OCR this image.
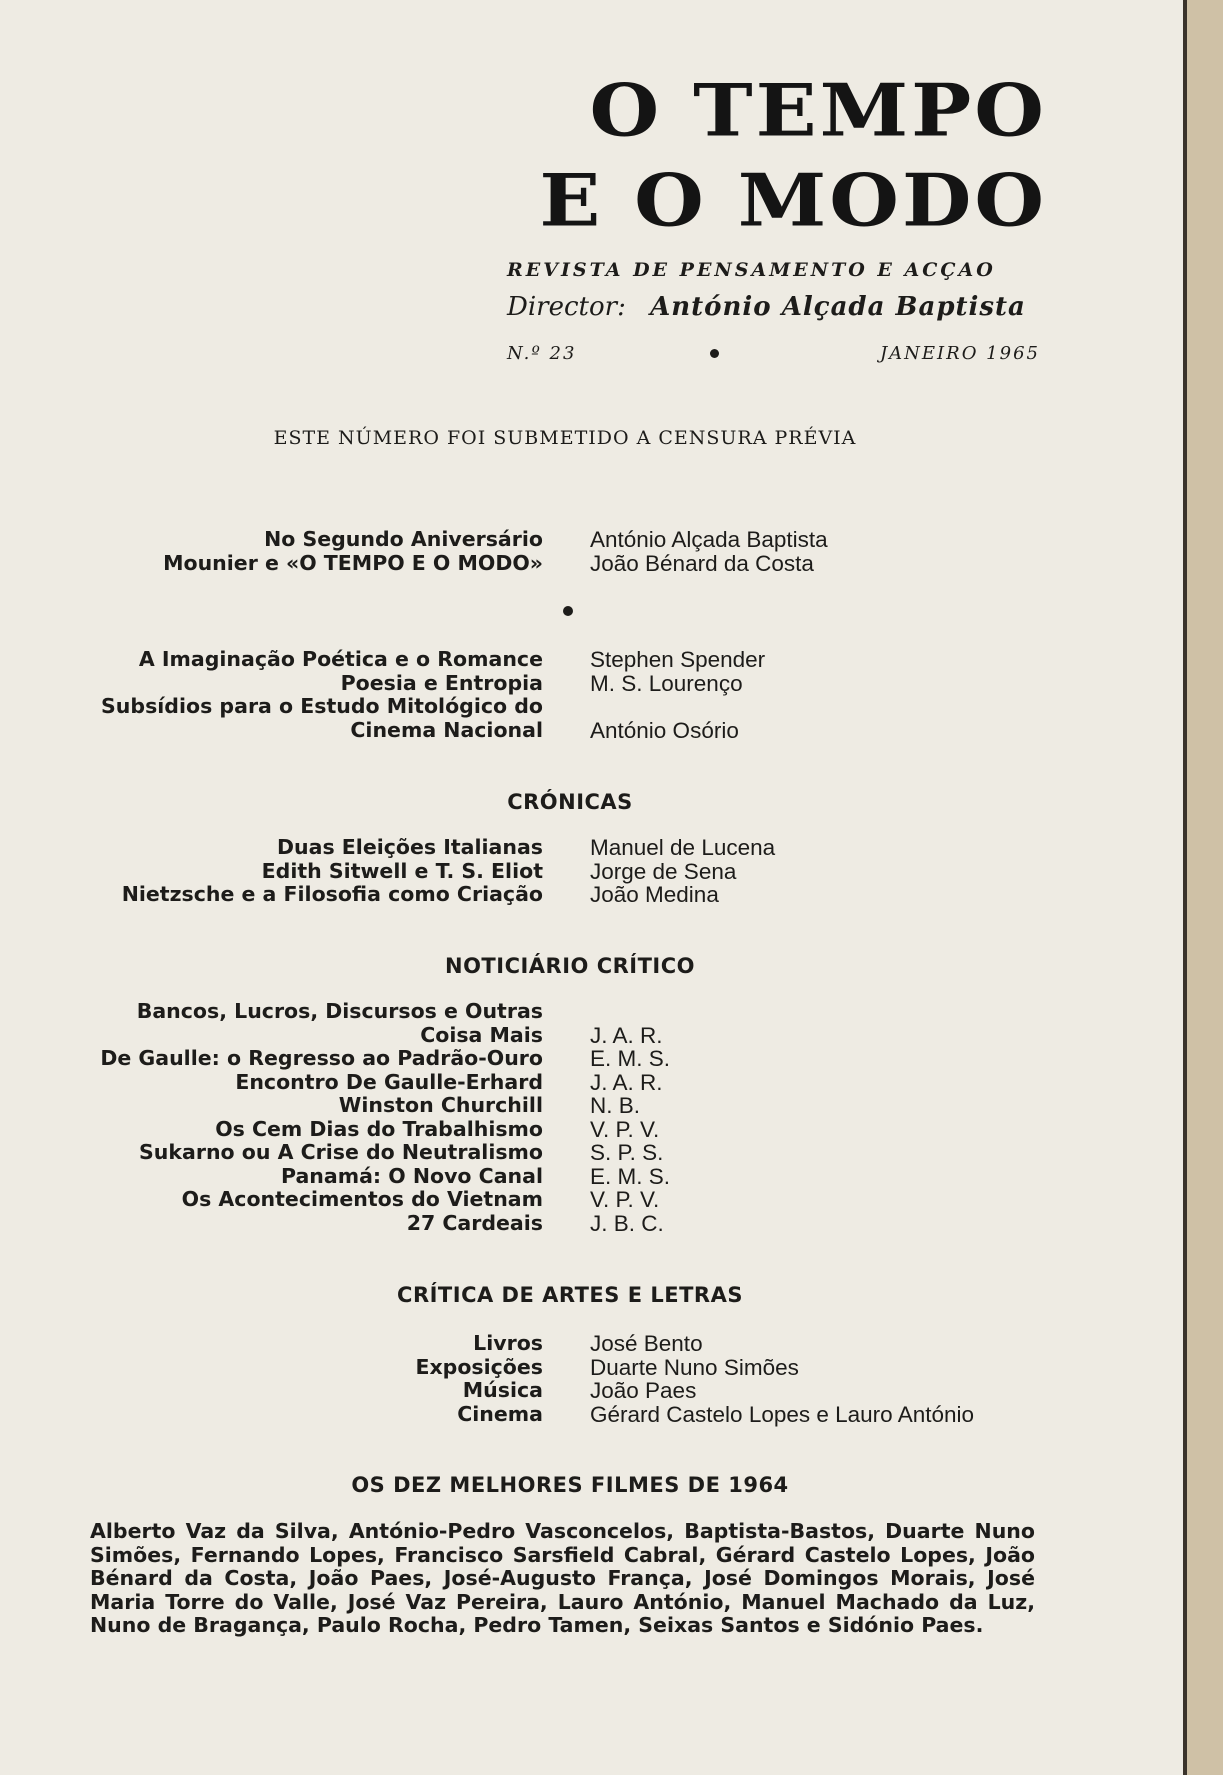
O TEMPO
E O MODO
REVISTA DE PENSAMENTO E ACÇAO
Director: António Alçada Baptista
N.º 23	JANEIRO 1965
ESTE NÚMERO FOI SUBMETIDO A CENSURA PRÉVIA
No Segundo Aniversário António Alçada Baptista
Mounier e «O TEMPO E O MODO» João Bénard da Costa
A Imaginação Poética e o Romance Stephen Spender
Poesia e Entropia M. S. Lourenço
Subsídios para o Estudo Mitológico do
Cinema Nacional António Osório
CRÓNICAS
Duas Eleições Italianas Manuel de Lucena
Edith Sitwell e T. S. Eliot Jorge de Sena
Nietzsche e a Filosofia como Criação João Medina
NOTICIÁRIO CRÍTICO
Bancos, Lucros, Discursos e Outras
Coisa Mais J. A. R.
De Gaulle: o Regresso ao Padrão-Ouro E. M. S.
Encontro De Gaulle-Erhard J. A. R.
Winston Churchill N. B.
Os Cem Dias do Trabalhismo V. P. V.
Sukarno ou A Crise do Neutralismo S. P. S.
Panamá: O Novo Canal E. M. S.
Os Acontecimentos do Vietnam V. P. V.
27 Cardeais J. B. C.
CRÍTICA DE ARTES E LETRAS
Livros José Bento
Exposições Duarte Nuno Simões
Música João Paes
Cinema Gérard Castelo Lopes e Lauro António
OS DEZ MELHORES FILMES DE 1964
Alberto Vaz da Silva, António-Pedro Vasconcelos, Baptista-Bastos, Duarte Nuno Simões, Fernando Lopes, Francisco Sarsfield Cabral, Gérard Castelo Lopes, João Bénard da Costa, João Paes, José-Augusto França, José Domingos Morais, José Maria Torre do Valle, José Vaz Pereira, Lauro António, Manuel Machado da Luz, Nuno de Bragança, Paulo Rocha, Pedro Tamen, Seixas Santos e Sidónio Paes.
